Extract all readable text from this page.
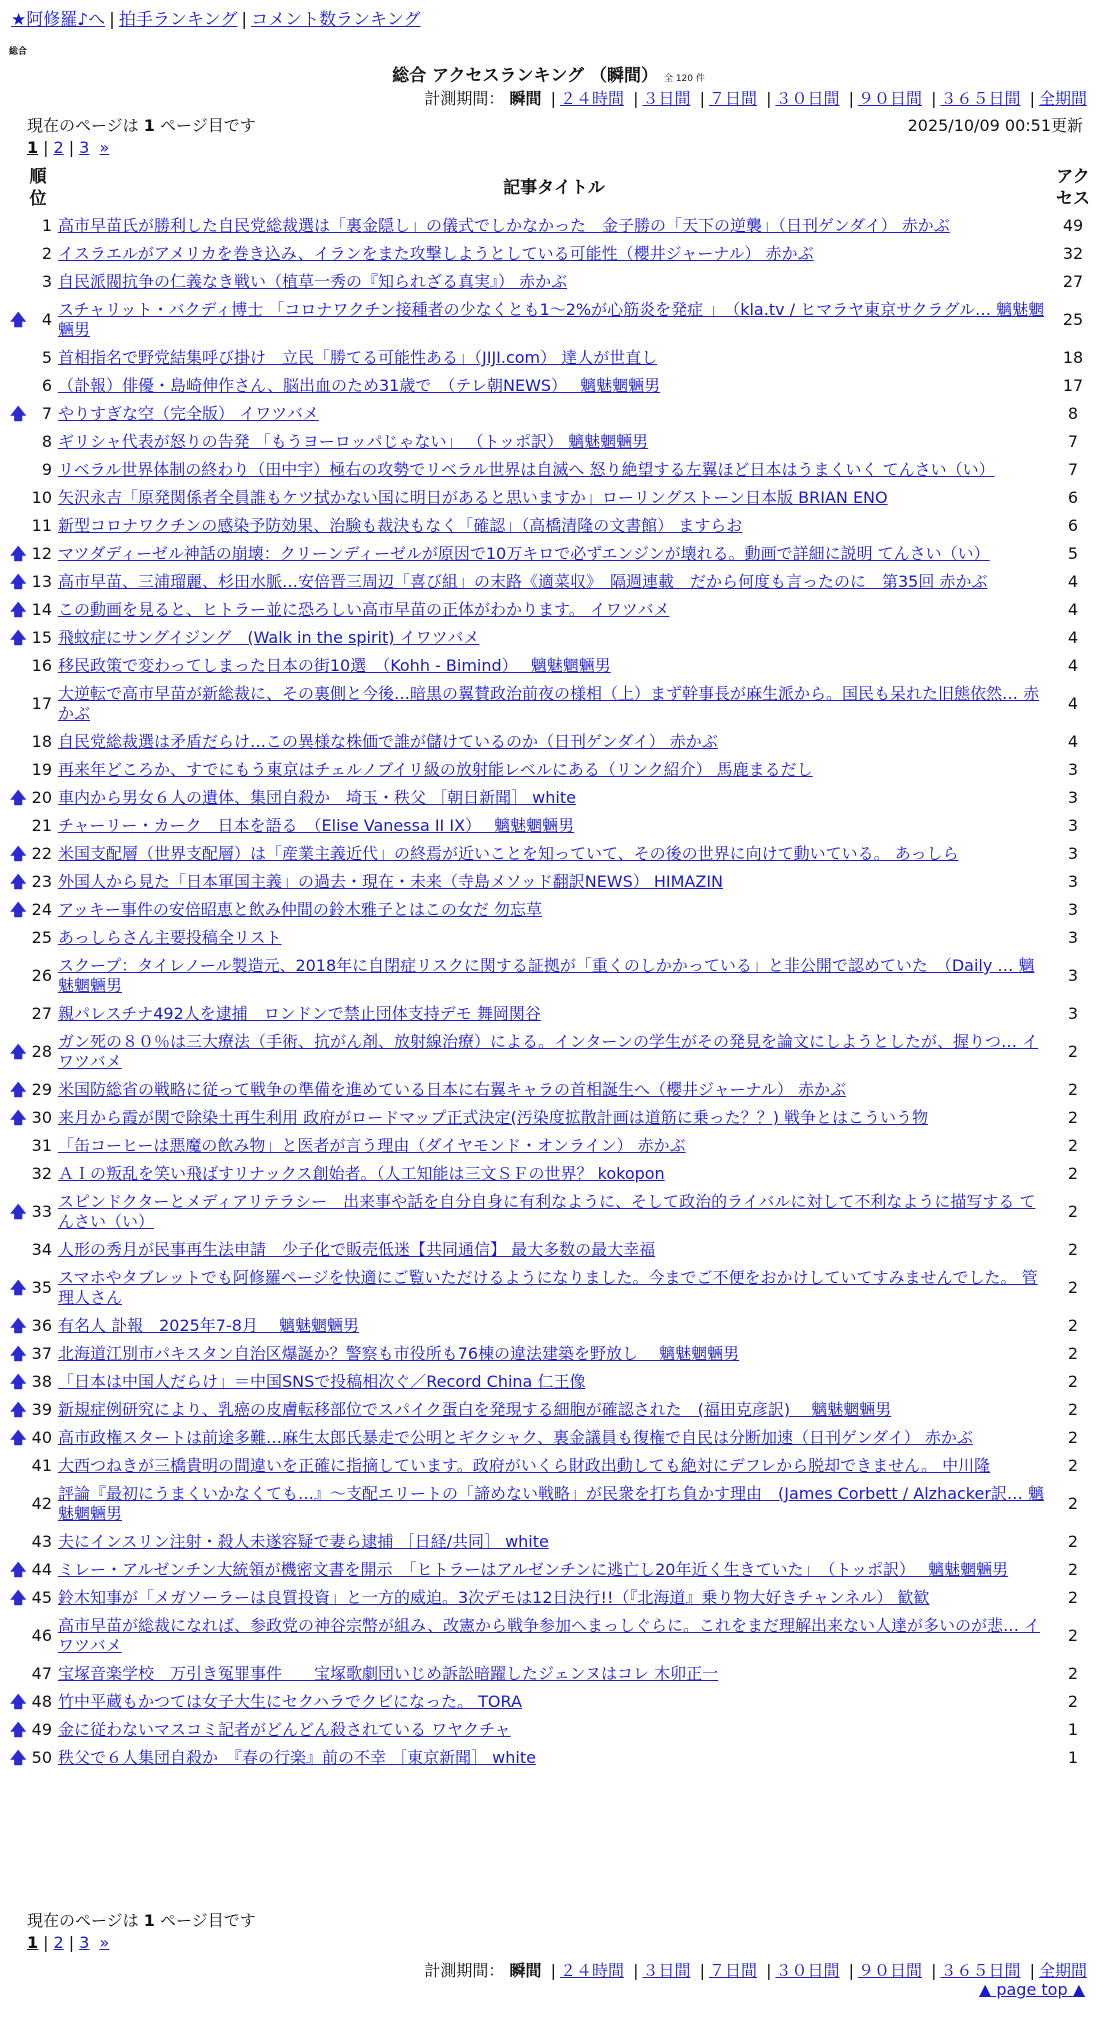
★阿修羅♪へ | 拍手ランキング | コメント数ランキング
総合
総合 アクセスランキング （瞬間） 全 120 件
計測期間： 瞬間 | ２４時間 | ３日間 | ７日間 | ３０日間 | ９０日間 | ３６５日間 | 全期間
現在のページは 1 ページ目です	2025/10/09 00:51更新
1 | 2 | 3 »
	順位	記事タイトル	アクセス
	1	高市早苗氏が勝利した自民党総裁選は「裏金隠し」の儀式でしかなかった　金子勝の「天下の逆襲」（日刊ゲンダイ） 赤かぶ	49
	2	イスラエルがアメリカを巻き込み、イランをまた攻撃しようとしている可能性（櫻井ジャーナル） 赤かぶ	32
	3	自民派閥抗争の仁義なき戦い（植草一秀の『知られざる真実』） 赤かぶ	27
🡅	4	スチャリット・バクディ博士 「コロナワクチン接種者の少なくとも1～2%が心筋炎を発症 」　（kla.tv / ヒマラヤ東京サクラグル… 魑魅魍魎男	25
	5	首相指名で野党結集呼び掛け　立民「勝てる可能性ある」（JIJI.com） 達人が世直し	18
	6	（訃報）俳優・島崎伸作さん、脳出血のため31歳で　（テレ朝NEWS）　 魑魅魍魎男	17
🡅	7	やりすぎな空（完全版） イワツバメ	8
	8	ギリシャ代表が怒りの告発 「もうヨーロッパじゃない」 （トッポ訳） 魑魅魍魎男	7
	9	リベラル世界体制の終わり（田中宇）極右の攻勢でリベラル世界は自滅へ 怒り絶望する左翼ほど日本はうまくいく てんさい（い）	7
	10	矢沢永吉「原発関係者全員誰もケツ拭かない国に明日があると思いますか」ローリングストーン日本版 BRIAN ENO	6
	11	新型コロナワクチンの感染予防効果、治験も裁決もなく「確認」（高橋清隆の文書館） ますらお	6
🡅	12	マツダディーゼル神話の崩壊：クリーンディーゼルが原因で10万キロで必ずエンジンが壊れる。動画で詳細に説明 てんさい（い）	5
🡅	13	高市早苗、三浦瑠麗、杉田水脈…安倍晋三周辺「喜び組」の末路《適菜収》　隔週連載　だから何度も言ったのに　第35回 赤かぶ	4
🡅	14	この動画を見ると、ヒトラー並に恐ろしい高市早苗の正体がわかります。 イワツバメ	4
🡅	15	飛蚊症にサングイジング　(Walk in the spirit) イワツバメ	4
	16	移民政策で変わってしまった日本の街10選　（Kohh - Bimind）　 魑魅魍魎男	4
	17	大逆転で高市早苗が新総裁に、その裏側と今後…暗黒の翼賛政治前夜の様相（上）まず幹事長が麻生派から。国民も呆れた旧態依然… 赤かぶ	4
	18	自民党総裁選は矛盾だらけ…この異様な株価で誰が儲けているのか（日刊ゲンダイ） 赤かぶ	4
	19	再来年どころか、すでにもう東京はチェルノブイリ級の放射能レベルにある（リンク紹介） 馬鹿まるだし	3
🡅	20	車内から男女６人の遺体、集団自殺か　埼玉・秩父 ［朝日新聞］ white	3
	21	チャーリー・カーク　日本を語る　（Elise Vanessa II IX）　 魑魅魍魎男	3
🡅	22	米国支配層（世界支配層）は「産業主義近代」の終焉が近いことを知っていて、その後の世界に向けて動いている。 あっしら	3
🡅	23	外国人から見た「日本軍国主義」の過去・現在・未来（寺島メソッド翻訳NEWS） HIMAZIN	3
🡅	24	アッキー事件の安倍昭恵と飲み仲間の鈴木雅子とはこの女だ 勿忘草	3
	25	あっしらさん主要投稿全リスト	3
	26	スクープ：タイレノール製造元、2018年に自閉症リスクに関する証拠が「重くのしかかっている」と非公開で認めていた　（Daily … 魑魅魍魎男	3
	27	親パレスチナ492人を逮捕　ロンドンで禁止団体支持デモ 舞岡関谷	3
🡅	28	ガン死の８０％は三大療法（手術、抗がん剤、放射線治療）による。インターンの学生がその発見を論文にしようとしたが、握りつ… イワツバメ	2
🡅	29	米国防総省の戦略に従って戦争の準備を進めている日本に右翼キャラの首相誕生へ（櫻井ジャーナル） 赤かぶ	2
🡅	30	来月から霞が関で除染土再生利用 政府がロードマップ正式決定(汚染度拡散計画は道筋に乗った？？) 戦争とはこういう物	2
	31	「缶コーヒーは悪魔の飲み物」と医者が言う理由（ダイヤモンド・オンライン） 赤かぶ	2
	32	ＡＩの叛乱を笑い飛ばすリナックス創始者。（人工知能は三文ＳＦの世界？ kokopon	2
🡅	33	スピンドクターとメディアリテラシー　出来事や話を自分自身に有利なように、そして政治的ライバルに対して不利なように描写する てんさい（い）	2
	34	人形の秀月が民事再生法申請　少子化で販売低迷【共同通信】 最大多数の最大幸福	2
🡅	35	スマホやタブレットでも阿修羅ページを快適にご覧いただけるようになりました。今までご不便をおかけしていてすみませんでした。 管理人さん	2
🡅	36	有名人 訃報　2025年7-8月　 魑魅魍魎男	2
🡅	37	北海道江別市パキスタン自治区爆誕か？警察も市役所も76棟の違法建築を野放し　 魑魅魍魎男	2
🡅	38	「日本は中国人だらけ」＝中国SNSで投稿相次ぐ／Record China 仁王像	2
🡅	39	新規症例研究により、乳癌の皮膚転移部位でスパイク蛋白を発現する細胞が確認された　(福田克彦訳)　 魑魅魍魎男	2
🡅	40	高市政権スタートは前途多難…麻生太郎氏暴走で公明とギクシャク、裏金議員も復権で自民は分断加速（日刊ゲンダイ） 赤かぶ	2
	41	大西つねきが三橋貴明の間違いを正確に指摘しています。政府がいくら財政出動しても絶対にデフレから脱却できません。 中川隆	2
	42	評論『最初にうまくいかなくても…』～支配エリートの「諦めない戦略」が民衆を打ち負かす理由　(James Corbett / Alzhacker訳… 魑魅魍魎男	2
	43	夫にインスリン注射・殺人未遂容疑で妻ら逮捕 ［日経/共同］ white	2
🡅	44	ミレー・アルゼンチン大統領が機密文書を開示　「ヒトラーはアルゼンチンに逃亡し20年近く生きていた」　（トッポ訳）　 魑魅魍魎男	2
🡅	45	鈴木知事が「メガソーラーは良質投資」と一方的威迫。3次デモは12日決行!!（『北海道』乗り物大好きチャンネル） 歓歓	2
	46	高市早苗が総裁になれば、参政党の神谷宗幣が組み、改憲から戦争参加へまっしぐらに。これをまだ理解出来ない人達が多いのが悲… イワツバメ	2
	47	宝塚音楽学校　万引き冤罪事件　　宝塚歌劇団いじめ訴訟暗躍したジェンヌはコレ 木卯正一	2
🡅	48	竹中平蔵もかつては女子大生にセクハラでクビになった。 TORA	2
🡅	49	金に従わないマスコミ記者がどんどん殺されている ワヤクチャ	1
🡅	50	秩父で６人集団自殺か　『春の行楽』前の不幸 ［東京新聞］ white	1
現在のページは 1 ページ目です
1 | 2 | 3 »
計測期間： 瞬間 | ２４時間 | ３日間 | ７日間 | ３０日間 | ９０日間 | ３６５日間 | 全期間
▲ page top ▲
